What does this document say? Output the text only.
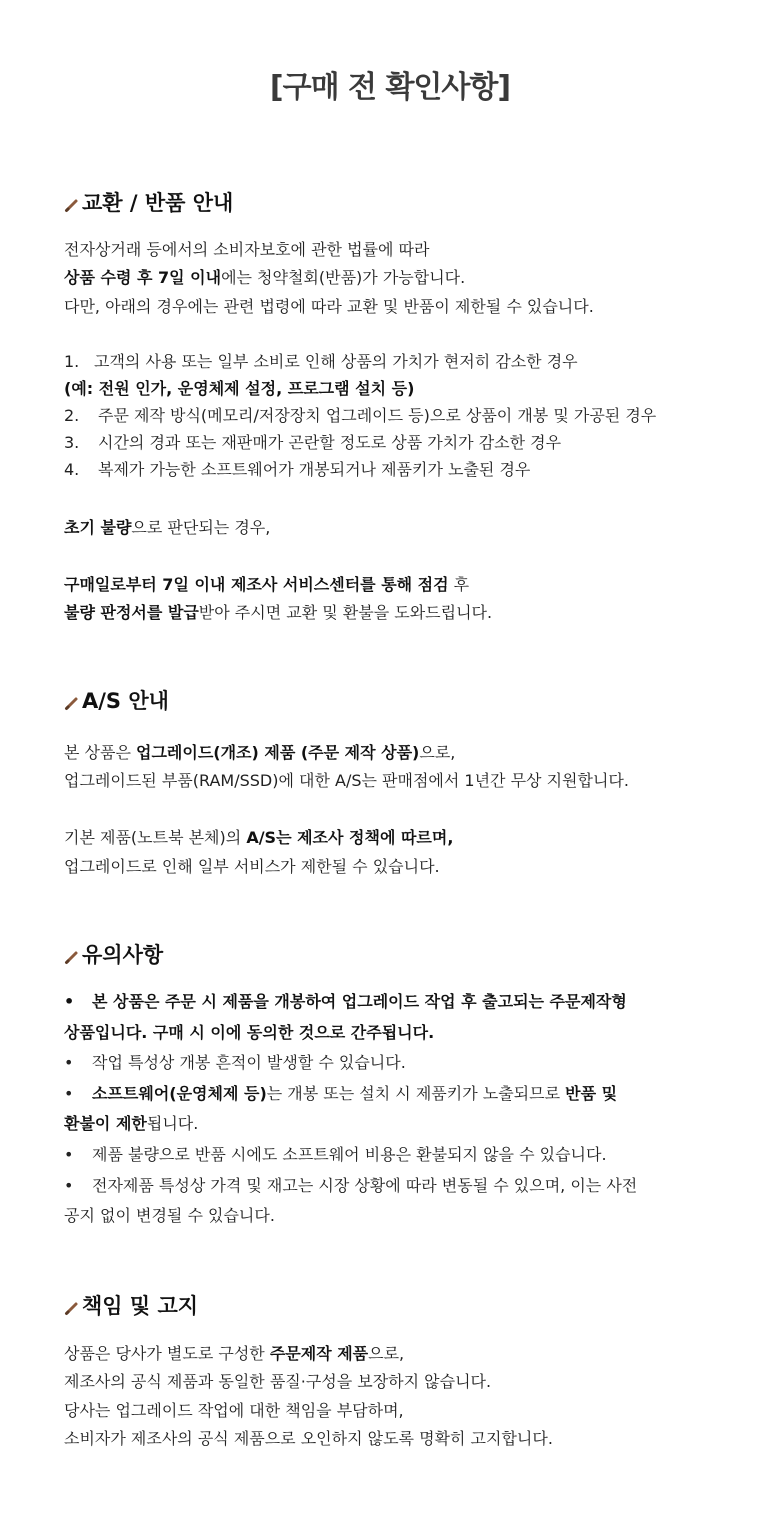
[구매 전 확인사항]
교환 / 반품 안내
전자상거래 등에서의 소비자보호에 관한 법률에 따라
상품 수령 후 7일 이내에는 청약철회(반품)가 가능합니다.
다만, 아래의 경우에는 관련 법령에 따라 교환 및 반품이 제한될 수 있습니다.
1. 고객의 사용 또는 일부 소비로 인해 상품의 가치가 현저히 감소한 경우
(예: 전원 인가, 운영체제 설정, 프로그램 설치 등)
2. 주문 제작 방식(메모리/저장장치 업그레이드 등)으로 상품이 개봉 및 가공된 경우
3. 시간의 경과 또는 재판매가 곤란할 정도로 상품 가치가 감소한 경우
4. 복제가 가능한 소프트웨어가 개봉되거나 제품키가 노출된 경우
초기 불량으로 판단되는 경우,
구매일로부터 7일 이내 제조사 서비스센터를 통해 점검 후
불량 판정서를 발급받아 주시면 교환 및 환불을 도와드립니다.
A/S 안내
본 상품은 업그레이드(개조) 제품 (주문 제작 상품)으로,
업그레이드된 부품(RAM/SSD)에 대한 A/S는 판매점에서 1년간 무상 지원합니다.
기본 제품(노트북 본체)의 A/S는 제조사 정책에 따르며,
업그레이드로 인해 일부 서비스가 제한될 수 있습니다.
유의사항
• 본 상품은 주문 시 제품을 개봉하여 업그레이드 작업 후 출고되는 주문제작형
상품입니다. 구매 시 이에 동의한 것으로 간주됩니다.
• 작업 특성상 개봉 흔적이 발생할 수 있습니다.
• 소프트웨어(운영체제 등)는 개봉 또는 설치 시 제품키가 노출되므로 반품 및
환불이 제한됩니다.
• 제품 불량으로 반품 시에도 소프트웨어 비용은 환불되지 않을 수 있습니다.
• 전자제품 특성상 가격 및 재고는 시장 상황에 따라 변동될 수 있으며, 이는 사전
공지 없이 변경될 수 있습니다.
책임 및 고지
상품은 당사가 별도로 구성한 주문제작 제품으로,
제조사의 공식 제품과 동일한 품질·구성을 보장하지 않습니다.
당사는 업그레이드 작업에 대한 책임을 부담하며,
소비자가 제조사의 공식 제품으로 오인하지 않도록 명확히 고지합니다.
